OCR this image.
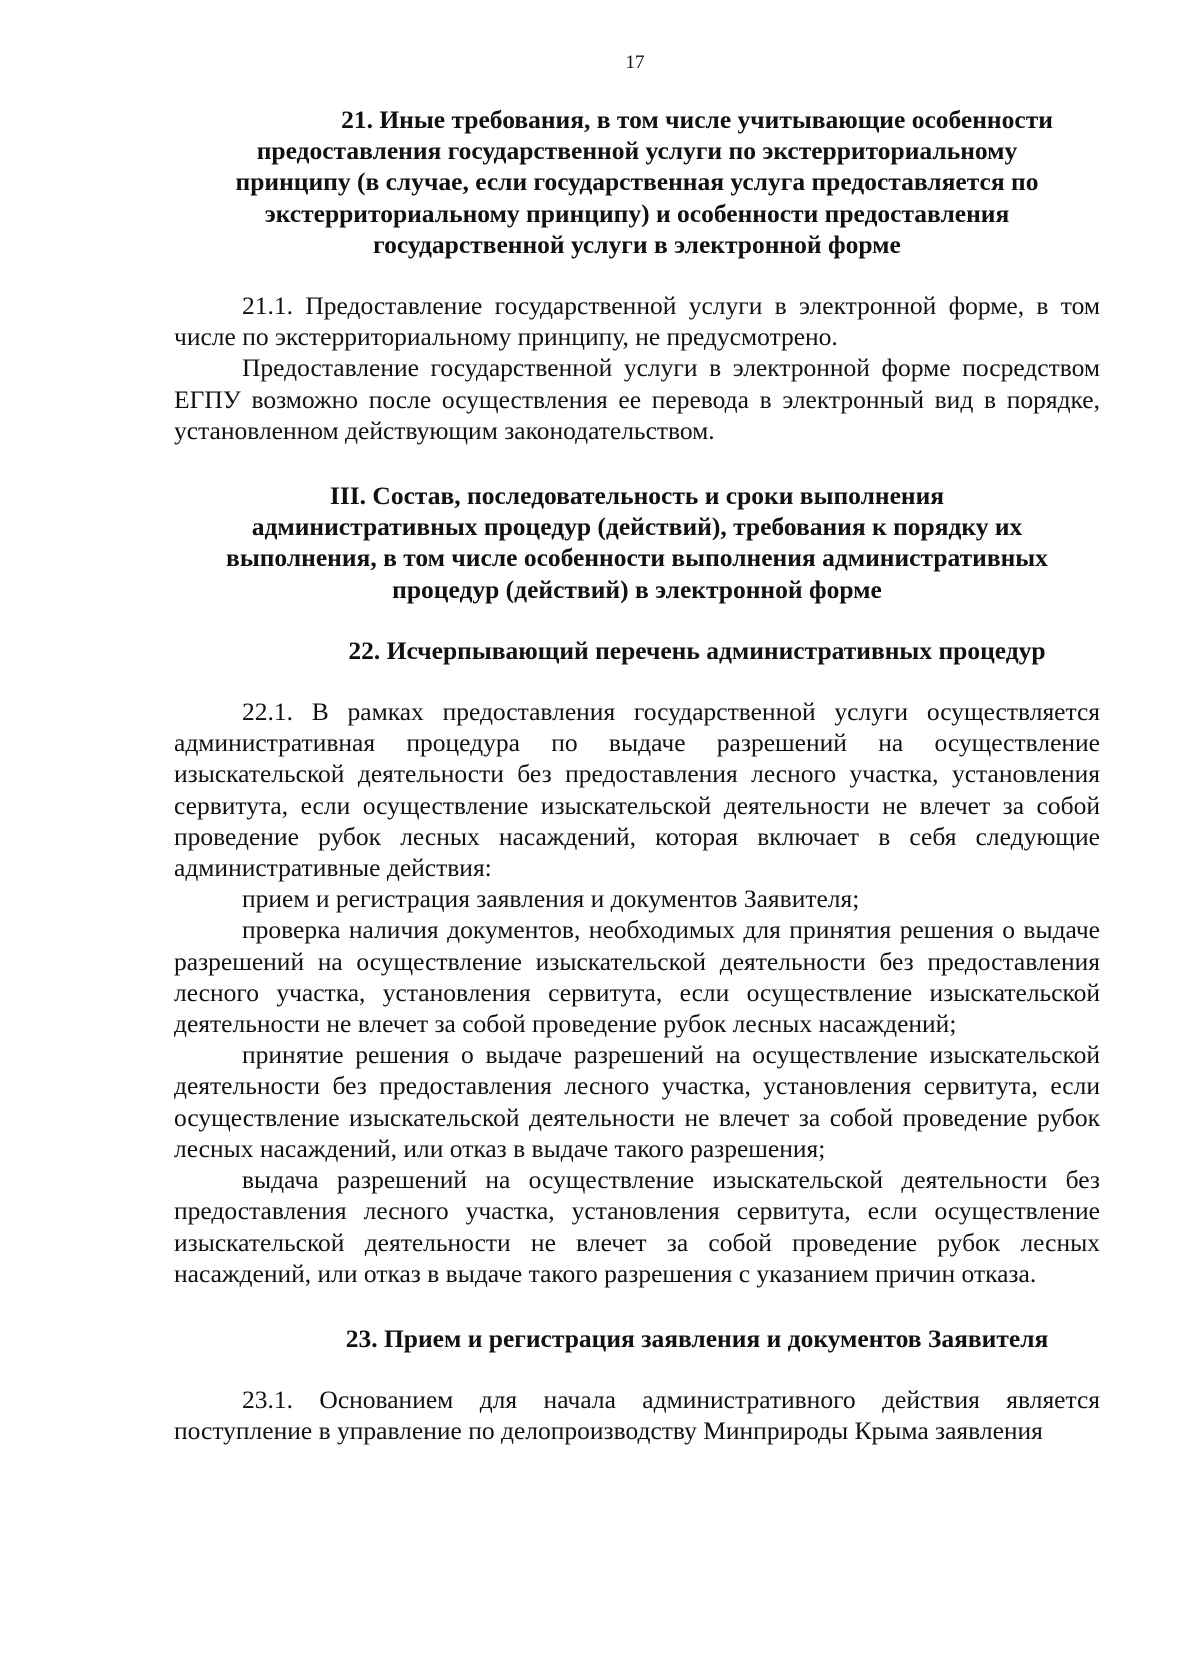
17
21. Иные требования, в том числе учитывающие особенности
предоставления государственной услуги по экстерриториальному
принципу (в случае, если государственная услуга предоставляется по
экстерриториальному принципу) и особенности предоставления
государственной услуги в электронной форме

21.1. Предоставление государственной услуги в электронной форме, в том числе по экстерриториальному принципу, не предусмотрено.

Предоставление государственной услуги в электронной форме посредством ЕГПУ возможно после осуществления ее перевода в электронный вид в порядке, установленном действующим законодательством.

III. Состав, последовательность и сроки выполнения
административных процедур (действий), требования к порядку их
выполнения, в том числе особенности выполнения административных
процедур (действий) в электронной форме
22. Исчерпывающий перечень административных процедур

22.1. В рамках предоставления государственной услуги осуществляется административная процедура по выдаче разрешений на осуществление изыскательской деятельности без предоставления лесного участка, установления сервитута, если осуществление изыскательской деятельности не влечет за собой проведение рубок лесных насаждений, которая включает в себя следующие административные действия:

прием и регистрация заявления и документов Заявителя;

проверка наличия документов, необходимых для принятия решения о выдаче разрешений на осуществление изыскательской деятельности без предоставления лесного участка, установления сервитута, если осуществление изыскательской деятельности не влечет за собой проведение рубок лесных насаждений;

принятие решения о выдаче разрешений на осуществление изыскательской деятельности без предоставления лесного участка, установления сервитута, если осуществление изыскательской деятельности не влечет за собой проведение рубок лесных насаждений, или отказ в выдаче такого разрешения;

выдача разрешений на осуществление изыскательской деятельности без предоставления лесного участка, установления сервитута, если осуществление изыскательской деятельности не влечет за собой проведение рубок лесных насаждений, или отказ в выдаче такого разрешения с указанием причин отказа.

23. Прием и регистрация заявления и документов Заявителя

23.1. Основанием для начала административного действия является поступление в управление по делопроизводству Минприроды Крыма заявления
